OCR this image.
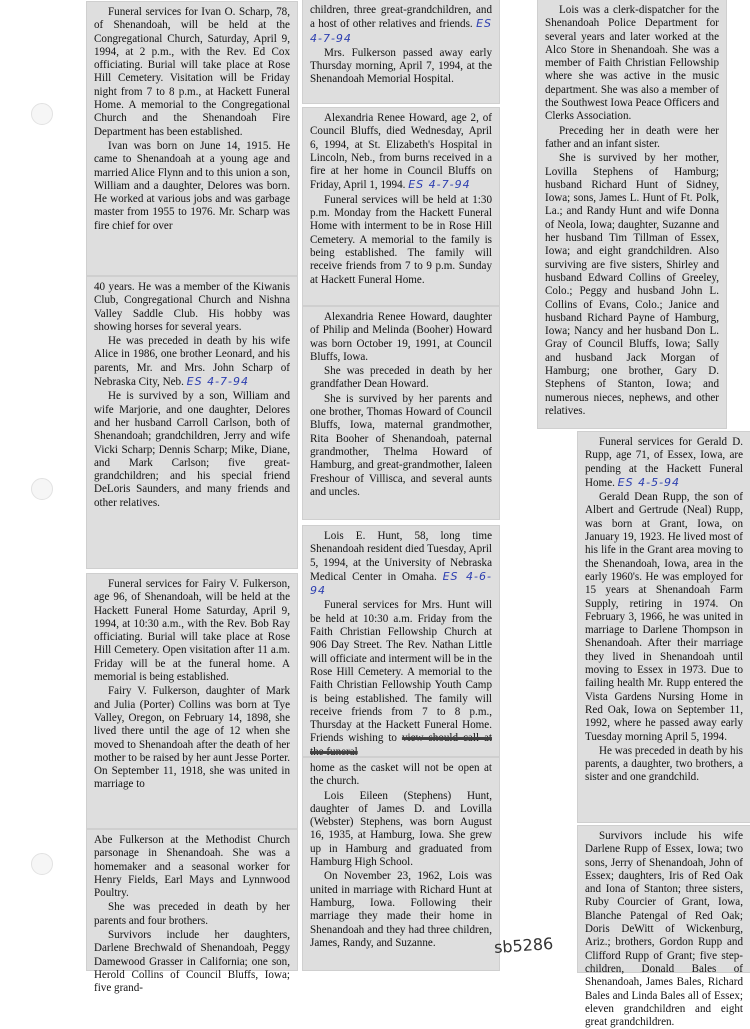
Funeral services for Ivan O. Scharp, 78, of Shenandoah, will be held at the Congregational Church, Saturday, April 9, 1994, at 2 p.m., with the Rev. Ed Cox officiating. Burial will take place at Rose Hill Cemetery. Visitation will be Friday night from 7 to 8 p.m., at Hackett Funeral Home. A memorial to the Congregational Church and the Shenandoah Fire Department has been established.

Ivan was born on June 14, 1915. He came to Shenandoah at a young age and married Alice Flynn and to this union a son, William and a daughter, Delores was born. He worked at various jobs and was garbage master from 1955 to 1976. Mr. Scharp was fire chief for over

40 years. He was a member of the Kiwanis Club, Congregational Church and Nishna Valley Saddle Club. His hobby was showing horses for several years.

He was preceded in death by his wife Alice in 1986, one brother Leonard, and his parents, Mr. and Mrs. John Scharp of Nebraska City, Neb. ES 4-7-94

He is survived by a son, William and wife Marjorie, and one daughter, Delores and her husband Carroll Carlson, both of Shenandoah; grandchildren, Jerry and wife Vicki Scharp; Dennis Scharp; Mike, Diane, and Mark Carlson; five great-grandchildren; and his special friend DeLoris Saunders, and many friends and other relatives.

Funeral services for Fairy V. Fulkerson, age 96, of Shenandoah, will be held at the Hackett Funeral Home Saturday, April 9, 1994, at 10:30 a.m., with the Rev. Bob Ray officiating. Burial will take place at Rose Hill Cemetery. Open visitation after 11 a.m. Friday will be at the funeral home. A memorial is being established.

Fairy V. Fulkerson, daughter of Mark and Julia (Porter) Collins was born at Tye Valley, Oregon, on February 14, 1898, she lived there until the age of 12 when she moved to Shenandoah after the death of her mother to be raised by her aunt Jesse Porter. On September 11, 1918, she was united in marriage to

Abe Fulkerson at the Methodist Church parsonage in Shenandoah. She was a homemaker and a seasonal worker for Henry Fields, Earl Mays and Lynnwood Poultry.

She was preceded in death by her parents and four brothers.

Survivors include her daughters, Darlene Brechwald of Shenandoah, Peggy Damewood Grasser in California; one son, Herold Collins of Council Bluffs, Iowa; five grand-

children, three great-grandchildren, and a host of other relatives and friends. ES 4-7-94

Mrs. Fulkerson passed away early Thursday morning, April 7, 1994, at the Shenandoah Memorial Hospital.

Alexandria Renee Howard, age 2, of Council Bluffs, died Wednesday, April 6, 1994, at St. Elizabeth's Hospital in Lincoln, Neb., from burns received in a fire at her home in Council Bluffs on Friday, April 1, 1994. ES 4-7-94

Funeral services will be held at 1:30 p.m. Monday from the Hackett Funeral Home with interment to be in Rose Hill Cemetery. A memorial to the family is being established. The family will receive friends from 7 to 9 p.m. Sunday at Hackett Funeral Home.

Alexandria Renee Howard, daughter of Philip and Melinda (Booher) Howard was born October 19, 1991, at Council Bluffs, Iowa.

She was preceded in death by her grandfather Dean Howard.

She is survived by her parents and one brother, Thomas Howard of Council Bluffs, Iowa, maternal grandmother, Rita Booher of Shenandoah, paternal grandmother, Thelma Howard of Hamburg, and great-grandmother, Ialeen Freshour of Villisca, and several aunts and uncles.

Lois E. Hunt, 58, long time Shenandoah resident died Tuesday, April 5, 1994, at the University of Nebraska Medical Center in Omaha. ES 4-6-94

Funeral services for Mrs. Hunt will be held at 10:30 a.m. Friday from the Faith Christian Fellowship Church at 906 Day Street. The Rev. Nathan Little will officiate and interment will be in the Rose Hill Cemetery. A memorial to the Faith Christian Fellowship Youth Camp is being established. The family will receive friends from 7 to 8 p.m., Thursday at the Hackett Funeral Home. Friends wishing to view should call at the funeral

home as the casket will not be open at the church.

Lois Eileen (Stephens) Hunt, daughter of James D. and Lovilla (Webster) Stephens, was born August 16, 1935, at Hamburg, Iowa. She grew up in Hamburg and graduated from Hamburg High School.

On November 23, 1962, Lois was united in marriage with Richard Hunt at Hamburg, Iowa. Following their marriage they made their home in Shenandoah and they had three children, James, Randy, and Suzanne.

Lois was a clerk-dispatcher for the Shenandoah Police Department for several years and later worked at the Alco Store in Shenandoah. She was a member of Faith Christian Fellowship where she was active in the music department. She was also a member of the Southwest Iowa Peace Officers and Clerks Association.

Preceding her in death were her father and an infant sister.

She is survived by her mother, Lovilla Stephens of Hamburg; husband Richard Hunt of Sidney, Iowa; sons, James L. Hunt of Ft. Polk, La.; and Randy Hunt and wife Donna of Neola, Iowa; daughter, Suzanne and her husband Tim Tillman of Essex, Iowa; and eight grandchildren. Also surviving are five sisters, Shirley and husband Edward Collins of Greeley, Colo.; Peggy and husband John L. Collins of Evans, Colo.; Janice and husband Richard Payne of Hamburg, Iowa; Nancy and her husband Don L. Gray of Council Bluffs, Iowa; Sally and husband Jack Morgan of Hamburg; one brother, Gary D. Stephens of Stanton, Iowa; and numerous nieces, nephews, and other relatives.

Funeral services for Gerald D. Rupp, age 71, of Essex, Iowa, are pending at the Hackett Funeral Home. ES 4-5-94

Gerald Dean Rupp, the son of Albert and Gertrude (Neal) Rupp, was born at Grant, Iowa, on January 19, 1923. He lived most of his life in the Grant area moving to the Shenandoah, Iowa, area in the early 1960's. He was employed for 15 years at Shenandoah Farm Supply, retiring in 1974. On February 3, 1966, he was united in marriage to Darlene Thompson in Shenandoah. After their marriage they lived in Shenandoah until moving to Essex in 1973. Due to failing health Mr. Rupp entered the Vista Gardens Nursing Home in Red Oak, Iowa on September 11, 1992, where he passed away early Tuesday morning April 5, 1994.

He was preceded in death by his parents, a daughter, two brothers, a sister and one grandchild.

Survivors include his wife Darlene Rupp of Essex, Iowa; two sons, Jerry of Shenandoah, John of Essex; daughters, Iris of Red Oak and Iona of Stanton; three sisters, Ruby Courcier of Grant, Iowa, Blanche Patengal of Red Oak; Doris DeWitt of Wickenburg, Ariz.; brothers, Gordon Rupp and Clifford Rupp of Grant; five step-children, Donald Bales of Shenandoah, James Bales, Richard Bales and Linda Bales all of Essex; eleven grandchildren and eight great grandchildren.

sb5286
